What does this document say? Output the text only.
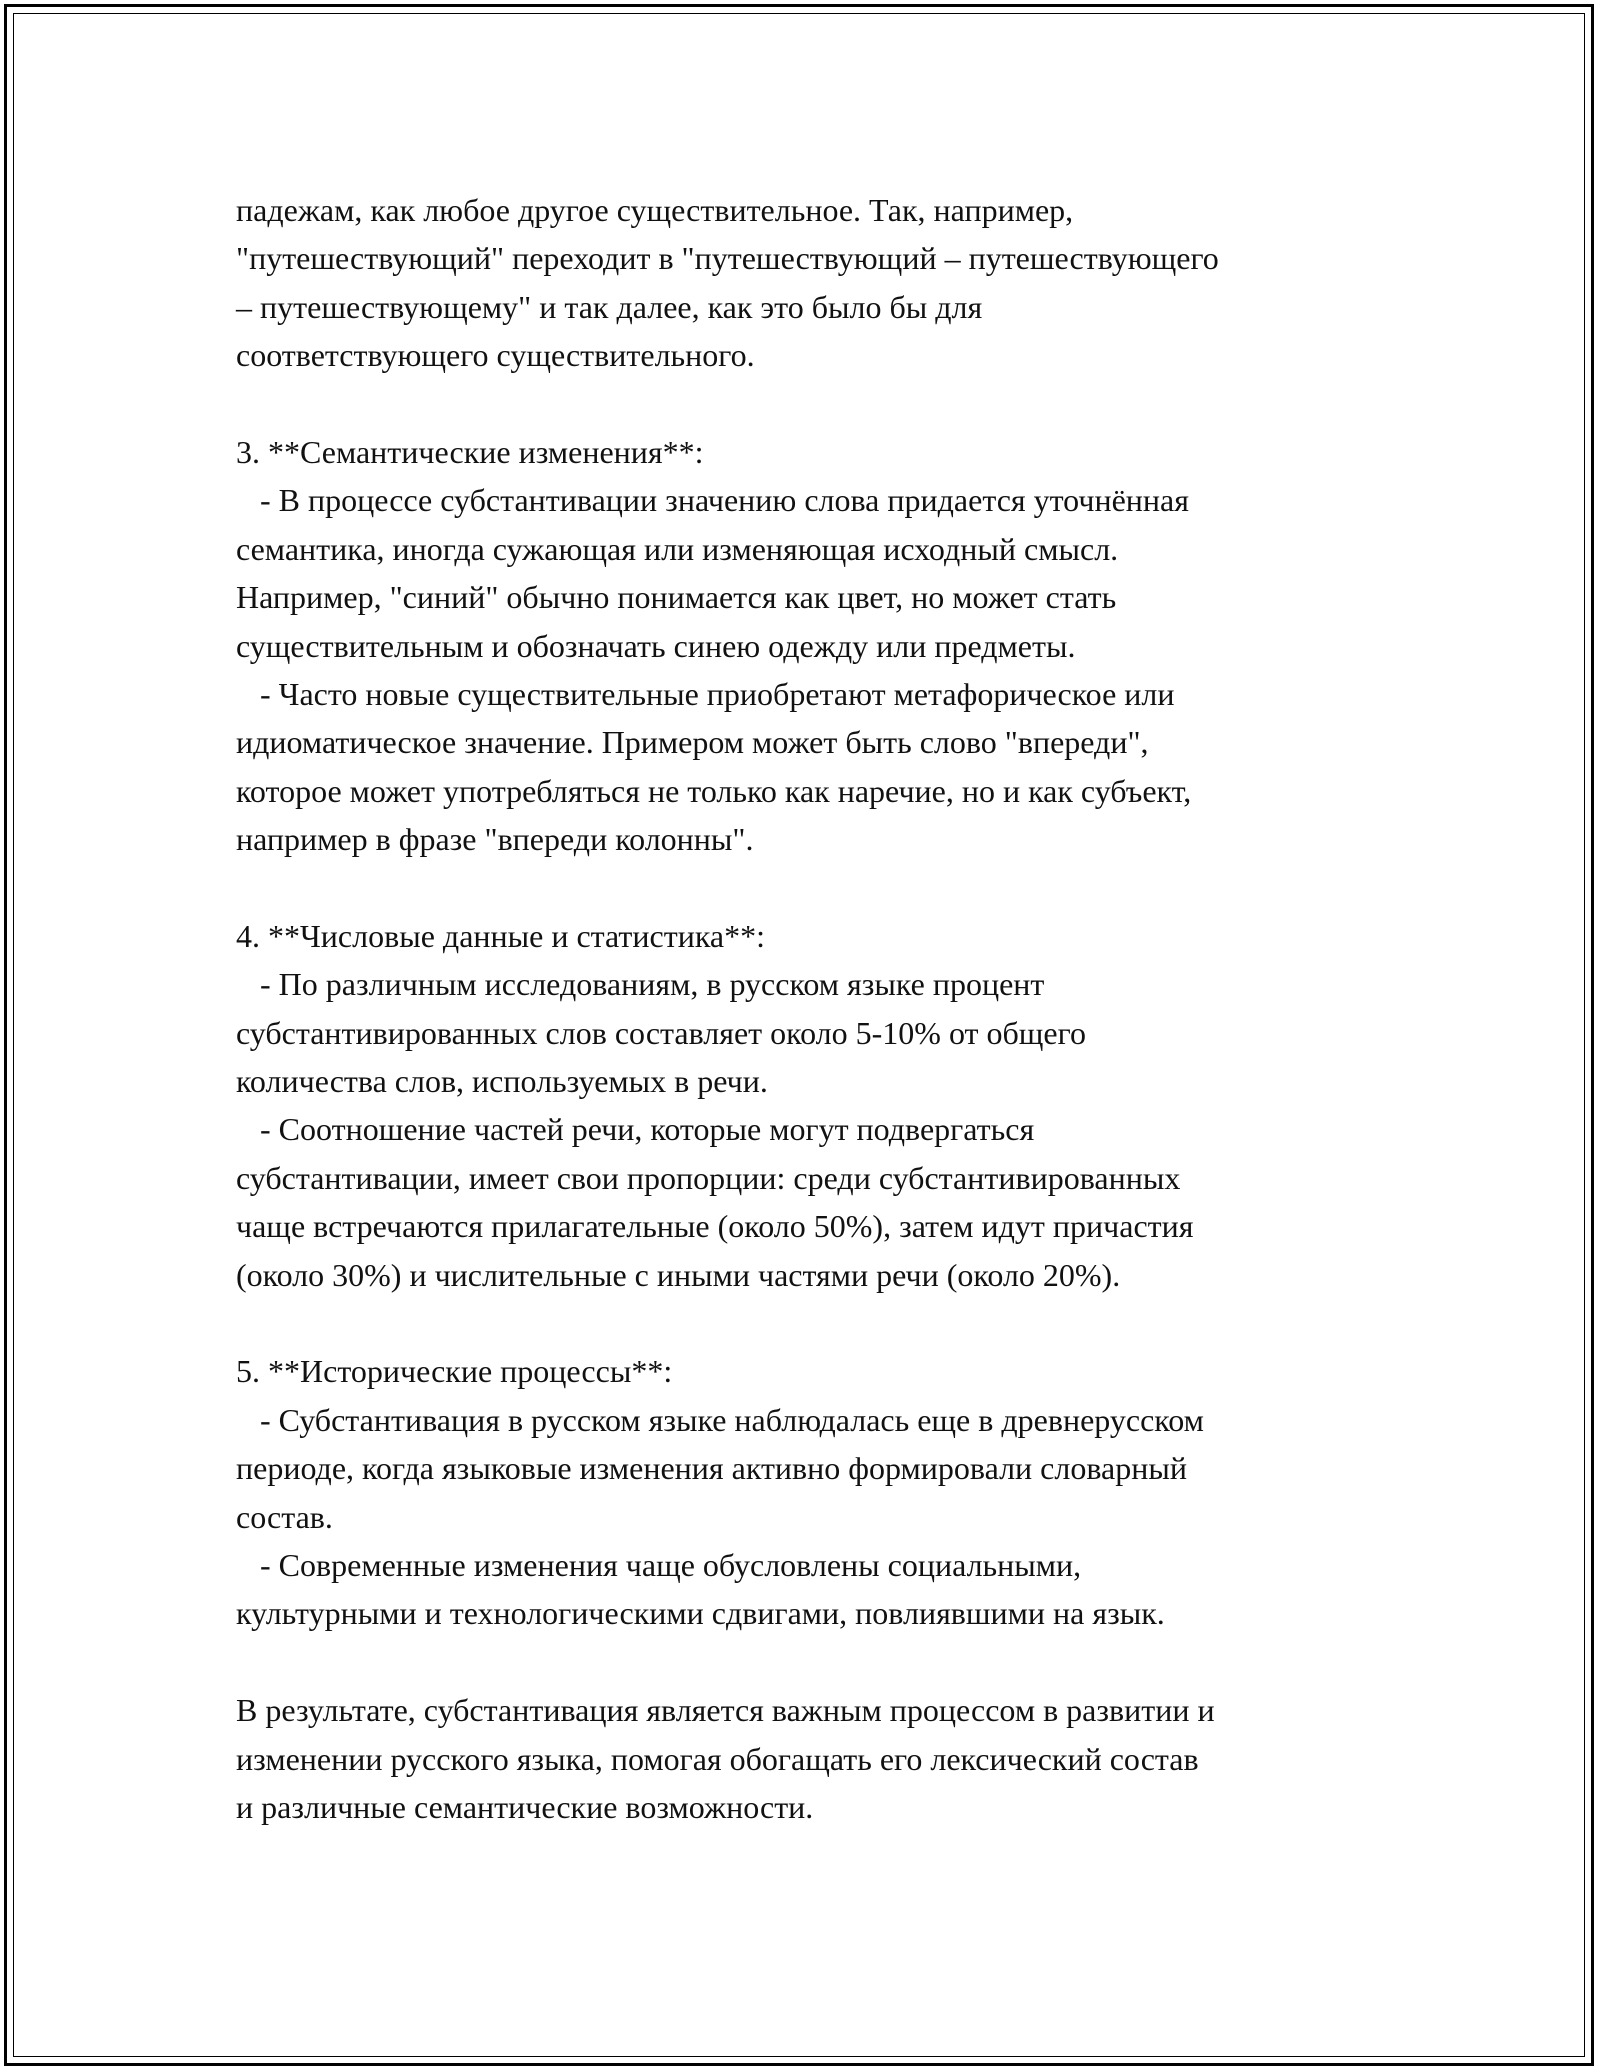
падежам, как любое другое существительное. Так, например,
"путешествующий" переходит в "путешествующий – путешествующего
– путешествующему" и так далее, как это было бы для
соответствующего существительного.
3. **Семантические изменения**:
- В процессе субстантивации значению слова придается уточнённая
семантика, иногда сужающая или изменяющая исходный смысл.
Например, "синий" обычно понимается как цвет, но может стать
существительным и обозначать синею одежду или предметы.
- Часто новые существительные приобретают метафорическое или
идиоматическое значение. Примером может быть слово "впереди",
которое может употребляться не только как наречие, но и как субъект,
например в фразе "впереди колонны".
4. **Числовые данные и статистика**:
- По различным исследованиям, в русском языке процент
субстантивированных слов составляет около 5-10% от общего
количества слов, используемых в речи.
- Соотношение частей речи, которые могут подвергаться
субстантивации, имеет свои пропорции: среди субстантивированных
чаще встречаются прилагательные (около 50%), затем идут причастия
(около 30%) и числительные с иными частями речи (около 20%).
5. **Исторические процессы**:
- Субстантивация в русском языке наблюдалась еще в древнерусском
периоде, когда языковые изменения активно формировали словарный
состав.
- Современные изменения чаще обусловлены социальными,
культурными и технологическими сдвигами, повлиявшими на язык.
В результате, субстантивация является важным процессом в развитии и
изменении русского языка, помогая обогащать его лексический состав
и различные семантические возможности.
